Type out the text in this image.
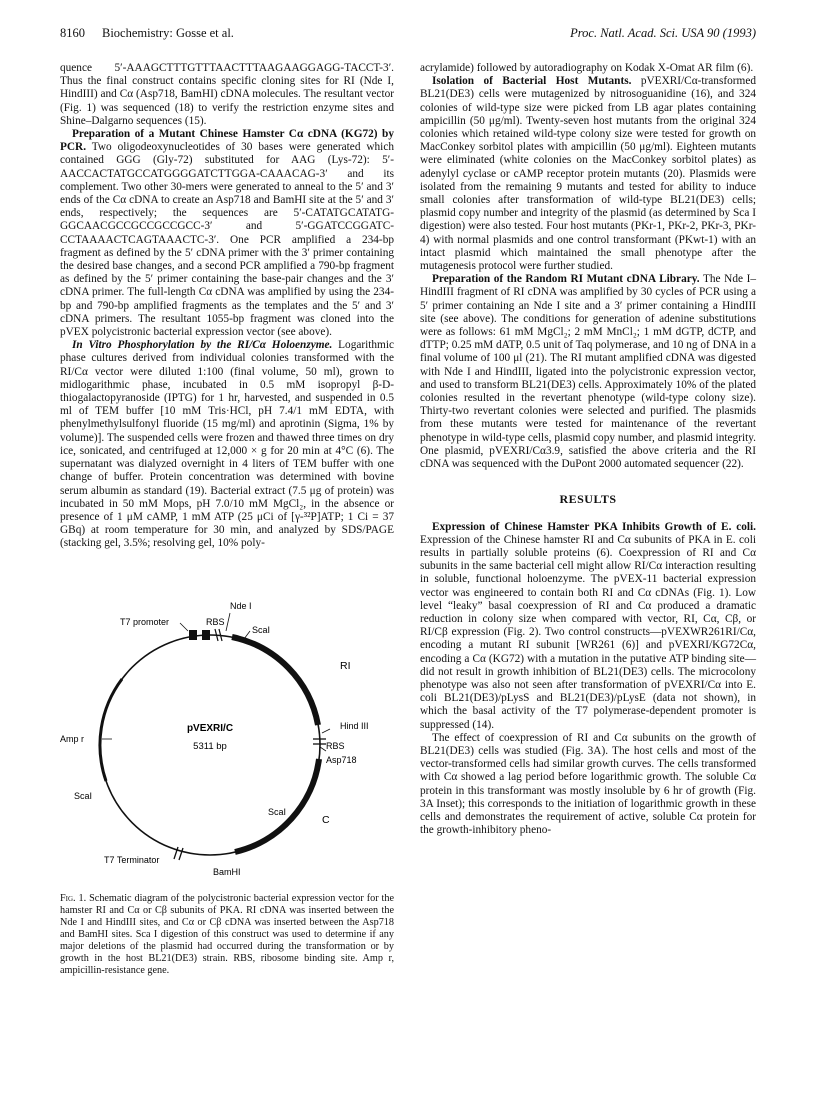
8160 Biochemistry: Gosse et al.	Proc. Natl. Acad. Sci. USA 90 (1993)

quence 5′-AAAGCTTTGTTTAACTTTAAGAAGGAGG-TACCT-3′. Thus the final construct contains specific cloning sites for RI (Nde I, HindIII) and Cα (Asp718, BamHI) cDNA molecules. The resultant vector (Fig. 1) was sequenced (18) to verify the restriction enzyme sites and Shine–Dalgarno sequences (15).

Preparation of a Mutant Chinese Hamster Cα cDNA (KG72) by PCR. Two oligodeoxynucleotides of 30 bases were generated which contained GGG (Gly-72) substituted for AAG (Lys-72): 5′-AACCACTATGCCATGGGGATCTTGGA-CAAACAG-3′ and its complement. Two other 30-mers were generated to anneal to the 5′ and 3′ ends of the Cα cDNA to create an Asp718 and BamHI site at the 5′ and 3′ ends, respectively; the sequences are 5′-CATATGCATATG-GGCAACGCCGCCGCCGCC-3′ and 5′-GGATCCGGATC-CCTAAAACTCAGTAAACTC-3′. One PCR amplified a 234-bp fragment as defined by the 5′ cDNA primer with the 3′ primer containing the desired base changes, and a second PCR amplified a 790-bp fragment as defined by the 5′ primer containing the base-pair changes and the 3′ cDNA primer. The full-length Cα cDNA was amplified by using the 234-bp and 790-bp amplified fragments as the templates and the 5′ and 3′ cDNA primers. The resultant 1055-bp fragment was cloned into the pVEX polycistronic bacterial expression vector (see above).

In Vitro Phosphorylation by the RI/Cα Holoenzyme. Logarithmic phase cultures derived from individual colonies transformed with the RI/Cα vector were diluted 1:100 (final volume, 50 ml), grown to midlogarithmic phase, incubated in 0.5 mM isopropyl β-D-thiogalactopyranoside (IPTG) for 1 hr, harvested, and suspended in 0.5 ml of TEM buffer [10 mM Tris·HCl, pH 7.4/1 mM EDTA, with phenylmethylsulfonyl fluoride (15 mg/ml) and aprotinin (Sigma, 1% by volume)]. The suspended cells were frozen and thawed three times on dry ice, sonicated, and centrifuged at 12,000 × g for 20 min at 4°C (6). The supernatant was dialyzed overnight in 4 liters of TEM buffer with one change of buffer. Protein concentration was determined with bovine serum albumin as standard (19). Bacterial extract (7.5 μg of protein) was incubated in 50 mM Mops, pH 7.0/10 mM MgCl₂, in the absence or presence of 1 μM cAMP, 1 mM ATP (25 μCi of [γ-³²P]ATP; 1 Ci = 37 GBq) at room temperature for 30 min, and analyzed by SDS/PAGE (stacking gel, 3.5%; resolving gel, 10% poly-

T7 promoter	RBS
Nde I
ScaI
RI
Hind III
RBS
Asp718
C
ScaI
BamHI
T7 Terminator
Amp r
ScaI
pVEXRI/C
5311 bp
Fig. 1. Schematic diagram of the polycistronic bacterial expression vector for the hamster RI and Cα or Cβ subunits of PKA. RI cDNA was inserted between the Nde I and HindIII sites, and Cα or Cβ cDNA was inserted between the Asp718 and BamHI sites. Sca I digestion of this construct was used to determine if any major deletions of the plasmid had occurred during the transformation or by growth in the host BL21(DE3) strain. RBS, ribosome binding site. Amp r, ampicillin-resistance gene.

acrylamide) followed by autoradiography on Kodak X-Omat AR film (6).

Isolation of Bacterial Host Mutants. pVEXRI/Cα-transformed BL21(DE3) cells were mutagenized by nitrosoguanidine (16), and 324 colonies of wild-type size were picked from LB agar plates containing ampicillin (50 μg/ml). Twenty-seven host mutants from the original 324 colonies which retained wild-type colony size were tested for growth on MacConkey sorbitol plates with ampicillin (50 μg/ml). Eighteen mutants were eliminated (white colonies on the MacConkey sorbitol plates) as adenylyl cyclase or cAMP receptor protein mutants (20). Plasmids were isolated from the remaining 9 mutants and tested for ability to induce small colonies after transformation of wild-type BL21(DE3) cells; plasmid copy number and integrity of the plasmid (as determined by Sca I digestion) were also tested. Four host mutants (PKr-1, PKr-2, PKr-3, PKr-4) with normal plasmids and one control transformant (PKwt-1) with an intact plasmid which maintained the small phenotype after the mutagenesis protocol were further studied.

Preparation of the Random RI Mutant cDNA Library. The Nde I–HindIII fragment of RI cDNA was amplified by 30 cycles of PCR using a 5′ primer containing an Nde I site and a 3′ primer containing a HindIII site (see above). The conditions for generation of adenine substitutions were as follows: 61 mM MgCl₂; 2 mM MnCl₂; 1 mM dGTP, dCTP, and dTTP; 0.25 mM dATP, 0.5 unit of Taq polymerase, and 10 ng of DNA in a final volume of 100 μl (21). The RI mutant amplified cDNA was digested with Nde I and HindIII, ligated into the polycistronic expression vector, and used to transform BL21(DE3) cells. Approximately 10% of the plated colonies resulted in the revertant phenotype (wild-type colony size). Thirty-two revertant colonies were selected and purified. The plasmids from these mutants were tested for maintenance of the revertant phenotype in wild-type cells, plasmid copy number, and plasmid integrity. One plasmid, pVEXRI/Cα3.9, satisfied the above criteria and the RI cDNA was sequenced with the DuPont 2000 automated sequencer (22).

RESULTS

Expression of Chinese Hamster PKA Inhibits Growth of E. coli. Expression of the Chinese hamster RI and Cα subunits of PKA in E. coli results in partially soluble proteins (6). Coexpression of RI and Cα subunits in the same bacterial cell might allow RI/Cα interaction resulting in soluble, functional holoenzyme. The pVEX-11 bacterial expression vector was engineered to contain both RI and Cα cDNAs (Fig. 1). Low level “leaky” basal coexpression of RI and Cα produced a dramatic reduction in colony size when compared with vector, RI, Cα, Cβ, or RI/Cβ expression (Fig. 2). Two control constructs—pVEXWR261RI/Cα, encoding a mutant RI subunit [WR261 (6)] and pVEXRI/KG72Cα, encoding a Cα (KG72) with a mutation in the putative ATP binding site—did not result in growth inhibition of BL21(DE3) cells. The microcolony phenotype was also not seen after transformation of pVEXRI/Cα into E. coli BL21(DE3)/pLysS and BL21(DE3)/pLysE (data not shown), in which the basal activity of the T7 polymerase-dependent promoter is suppressed (14).

The effect of coexpression of RI and Cα subunits on the growth of BL21(DE3) cells was studied (Fig. 3A). The host cells and most of the vector-transformed cells had similar growth curves. The cells transformed with Cα showed a lag period before logarithmic growth. The soluble Cα protein in this transformant was mostly insoluble by 6 hr of growth (Fig. 3A Inset); this corresponds to the initiation of logarithmic growth in these cells and demonstrates the requirement of active, soluble Cα protein for the growth-inhibitory pheno-
